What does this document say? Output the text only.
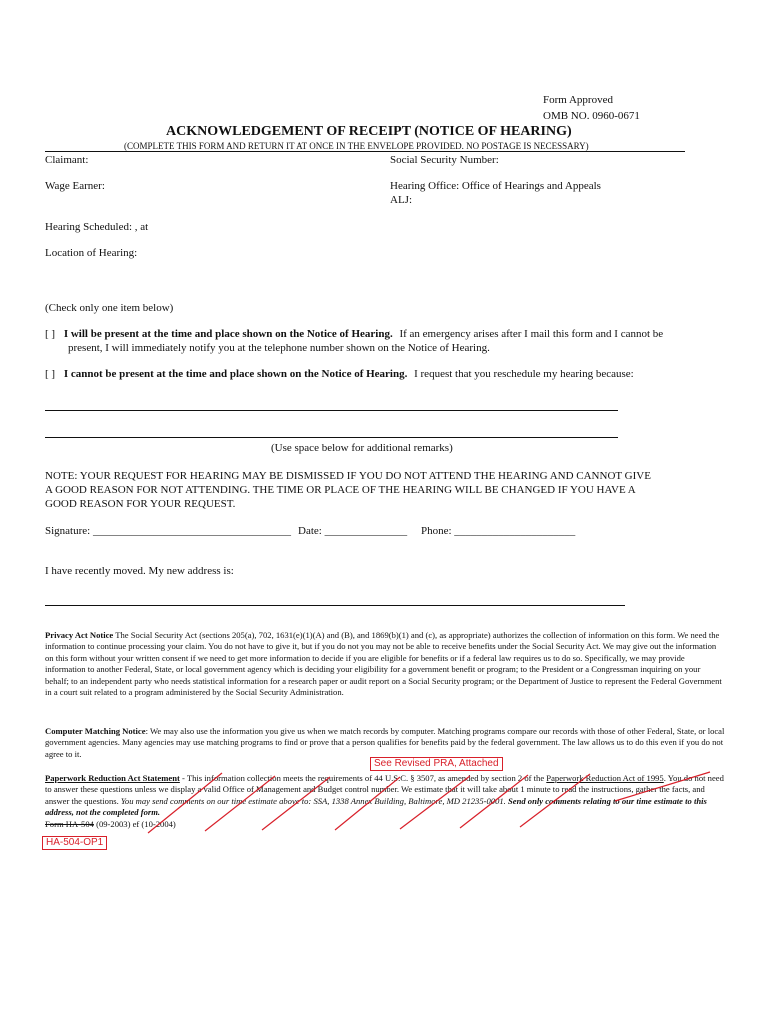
Form Approved
OMB NO. 0960-0671
ACKNOWLEDGEMENT OF RECEIPT (NOTICE OF HEARING)
(COMPLETE THIS FORM AND RETURN IT AT ONCE IN THE ENVELOPE PROVIDED. NO POSTAGE IS NECESSARY)
Claimant:	Social Security Number:
Wage Earner:	Hearing Office: Office of Hearings and Appeals
ALJ:
Hearing Scheduled: , at
Location of Hearing:
(Check only one item below)
[ ] I will be present at the time and place shown on the Notice of Hearing. If an emergency arises after I mail this form and I cannot be
present, I will immediately notify you at the telephone number shown on the Notice of Hearing.
[ ] I cannot be present at the time and place shown on the Notice of Hearing. I request that you reschedule my hearing because:
(Use space below for additional remarks)
NOTE: YOUR REQUEST FOR HEARING MAY BE DISMISSED IF YOU DO NOT ATTEND THE HEARING AND CANNOT GIVE
A GOOD REASON FOR NOT ATTENDING. THE TIME OR PLACE OF THE HEARING WILL BE CHANGED IF YOU HAVE A
GOOD REASON FOR YOUR REQUEST.
Signature: ____________________________________ Date: _______________ Phone: ______________________
I have recently moved. My new address is:
Privacy Act Notice The Social Security Act (sections 205(a), 702, 1631(e)(1)(A) and (B), and 1869(b)(1) and (c), as appropriate) authorizes the collection of information on this form. We need the information to continue processing your claim. You do not have to give it, but if you do not you may not be able to receive benefits under the Social Security Act. We may give out the information on this form without your written consent if we need to get more information to decide if you are eligible for benefits or if a federal law requires us to do so. Specifically, we may provide information to another Federal, State, or local government agency which is deciding your eligibility for a government benefit or program; to the President or a Congressman inquiring on your behalf; to an independent party who needs statistical information for a research paper or audit report on a Social Security program; or the Department of Justice to represent the Federal Government in a court suit related to a program administered by the Social Security Administration.
Computer Matching Notice: We may also use the information you give us when we match records by computer. Matching programs compare our records with those of other Federal, State, or local government agencies. Many agencies may use matching programs to find or prove that a person qualifies for benefits paid by the federal government. The law allows us to do this even if you do not agree to it.
See Revised PRA, Attached
Paperwork Reduction Act Statement - This information collection meets the requirements of 44 U.S.C. § 3507, as amended by section 2 of the Paperwork Reduction Act of 1995. You do not need to answer these questions unless we display a valid Office of Management and Budget control number. We estimate that it will take about 1 minute to read the instructions, gather the facts, and answer the questions. You may send comments on our time estimate above to: SSA, 1338 Annex Building, Baltimore, MD 21235-0001. Send only comments relating to our time estimate to this address, not the completed form.
Form HA-504 (09-2003) ef (10-2004)
HA-504-OP1
